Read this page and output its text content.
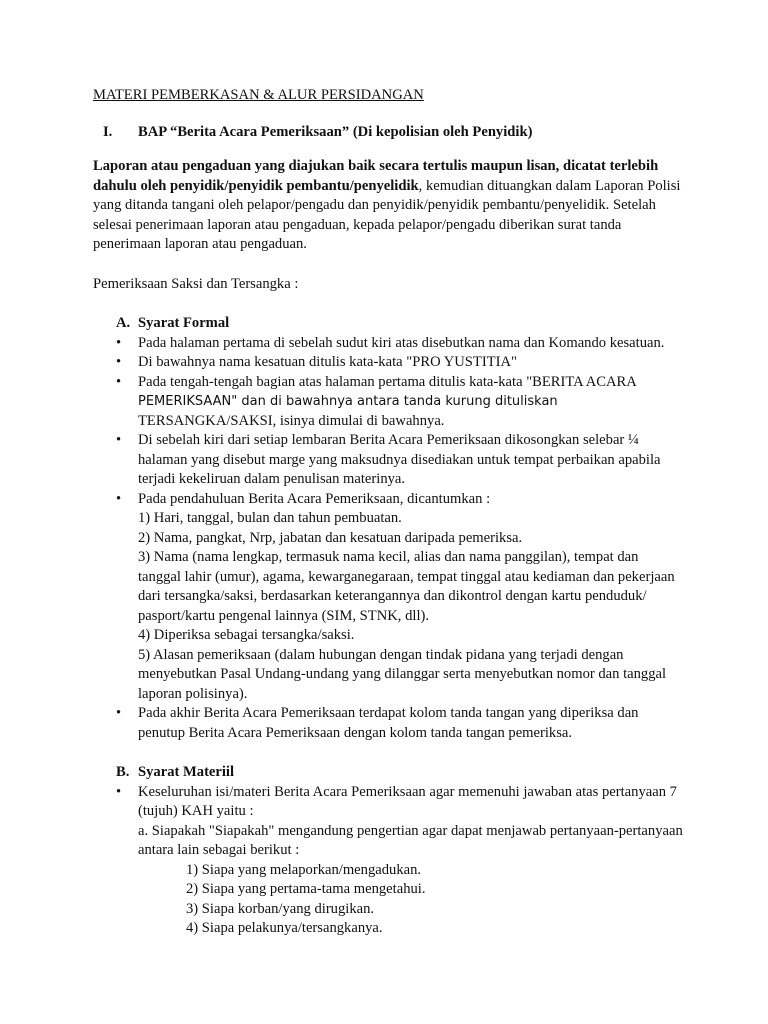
MATERI PEMBERKASAN & ALUR PERSIDANGAN

I.	BAP “Berita Acara Pemeriksaan” (Di kepolisian oleh Penyidik)

Laporan atau pengaduan yang diajukan baik secara tertulis maupun lisan, dicatat terlebih dahulu oleh penyidik/penyidik pembantu/penyelidik, kemudian dituangkan dalam Laporan Polisi yang ditanda tangani oleh pelapor/pengadu dan penyidik/penyidik pembantu/penyelidik. Setelah selesai penerimaan laporan atau pengaduan, kepada pelapor/pengadu diberikan surat tanda penerimaan laporan atau pengaduan.

Pemeriksaan Saksi dan Tersangka :

A. Syarat Formal
• Pada halaman pertama di sebelah sudut kiri atas disebutkan nama dan Komando kesatuan.
• Di bawahnya nama kesatuan ditulis kata-kata "PRO YUSTITIA"
• Pada tengah-tengah bagian atas halaman pertama ditulis kata-kata "BERITA ACARA
PEMERIKSAAN" dan di bawahnya antara tanda kurung dituliskan
TERSANGKA/SAKSI, isinya dimulai di bawahnya.
• Di sebelah kiri dari setiap lembaran Berita Acara Pemeriksaan dikosongkan selebar ¼ halaman yang disebut marge yang maksudnya disediakan untuk tempat perbaikan apabila terjadi kekeliruan dalam penulisan materinya.
• Pada pendahuluan Berita Acara Pemeriksaan, dicantumkan :
1) Hari, tanggal, bulan dan tahun pembuatan.
2) Nama, pangkat, Nrp, jabatan dan kesatuan daripada pemeriksa.
3) Nama (nama lengkap, termasuk nama kecil, alias dan nama panggilan), tempat dan tanggal lahir (umur), agama, kewarganegaraan, tempat tinggal atau kediaman dan pekerjaan dari tersangka/saksi, berdasarkan keterangannya dan dikontrol dengan kartu penduduk/ pasport/kartu pengenal lainnya (SIM, STNK, dll).
4) Diperiksa sebagai tersangka/saksi.
5) Alasan pemeriksaan (dalam hubungan dengan tindak pidana yang terjadi dengan menyebutkan Pasal Undang-undang yang dilanggar serta menyebutkan nomor dan tanggal laporan polisinya).
• Pada akhir Berita Acara Pemeriksaan terdapat kolom tanda tangan yang diperiksa dan penutup Berita Acara Pemeriksaan dengan kolom tanda tangan pemeriksa.
B. Syarat Materiil
• Keseluruhan isi/materi Berita Acara Pemeriksaan agar memenuhi jawaban atas pertanyaan 7 (tujuh) KAH yaitu :
a. Siapakah "Siapakah" mengandung pengertian agar dapat menjawab pertanyaan-pertanyaan antara lain sebagai berikut :
1) Siapa yang melaporkan/mengadukan.
2) Siapa yang pertama-tama mengetahui.
3) Siapa korban/yang dirugikan.
4) Siapa pelakunya/tersangkanya.
